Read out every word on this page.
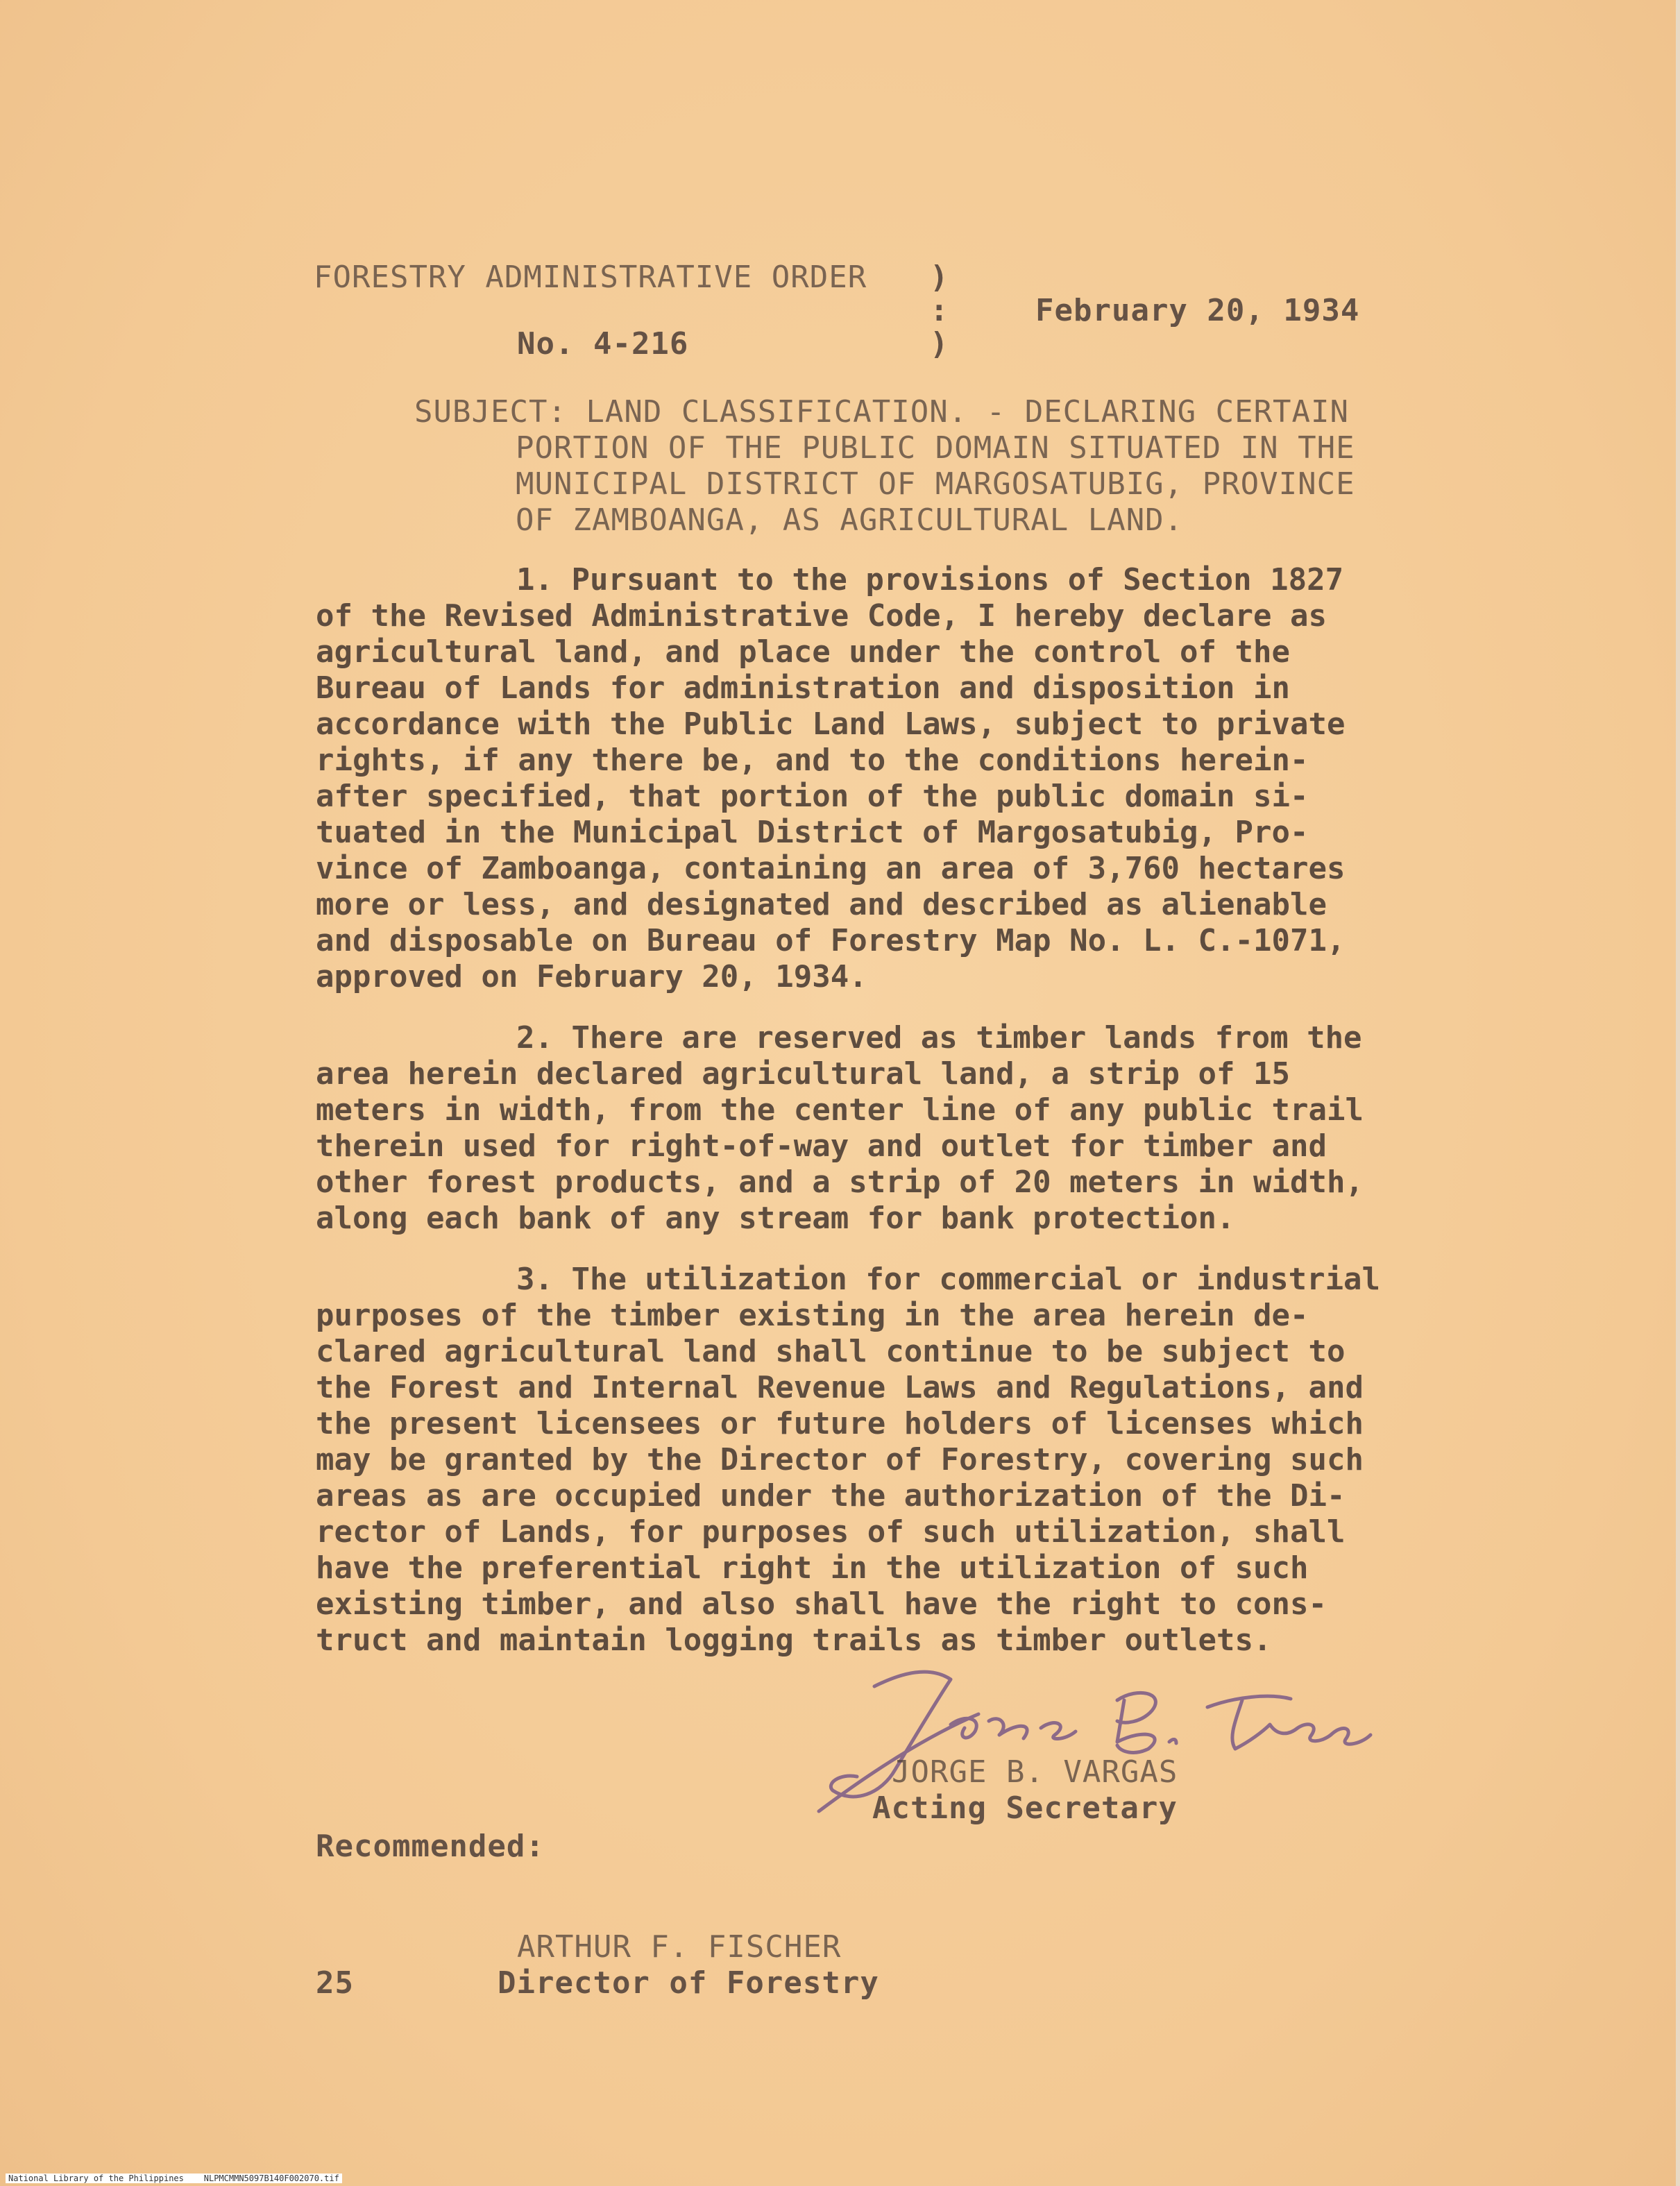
FORESTRY ADMINISTRATIVE ORDER
No. 4-216
)
:
)
February 20, 1934
SUBJECT: LAND CLASSIFICATION. - DECLARING CERTAIN
PORTION OF THE PUBLIC DOMAIN SITUATED IN THE
MUNICIPAL DISTRICT OF MARGOSATUBIG, PROVINCE
OF ZAMBOANGA, AS AGRICULTURAL LAND.
1. Pursuant to the provisions of Section 1827
of the Revised Administrative Code, I hereby declare as
agricultural land, and place under the control of the
Bureau of Lands for administration and disposition in
accordance with the Public Land Laws, subject to private
rights, if any there be, and to the conditions herein-
after specified, that portion of the public domain si-
tuated in the Municipal District of Margosatubig, Pro-
vince of Zamboanga, containing an area of 3,760 hectares
more or less, and designated and described as alienable
and disposable on Bureau of Forestry Map No. L. C.-1071,
approved on February 20, 1934.
2. There are reserved as timber lands from the
area herein declared agricultural land, a strip of 15
meters in width, from the center line of any public trail
therein used for right-of-way and outlet for timber and
other forest products, and a strip of 20 meters in width,
along each bank of any stream for bank protection.
3. The utilization for commercial or industrial
purposes of the timber existing in the area herein de-
clared agricultural land shall continue to be subject to
the Forest and Internal Revenue Laws and Regulations, and
the present licensees or future holders of licenses which
may be granted by the Director of Forestry, covering such
areas as are occupied under the authorization of the Di-
rector of Lands, for purposes of such utilization, shall
have the preferential right in the utilization of such
existing timber, and also shall have the right to cons-
truct and maintain logging trails as timber outlets.
JORGE B. VARGAS
Acting Secretary
Recommended:
ARTHUR F. FISCHER
25	Director of Forestry
National Library of the Philippines    NLPMCMMN5097B140F002070.tif
